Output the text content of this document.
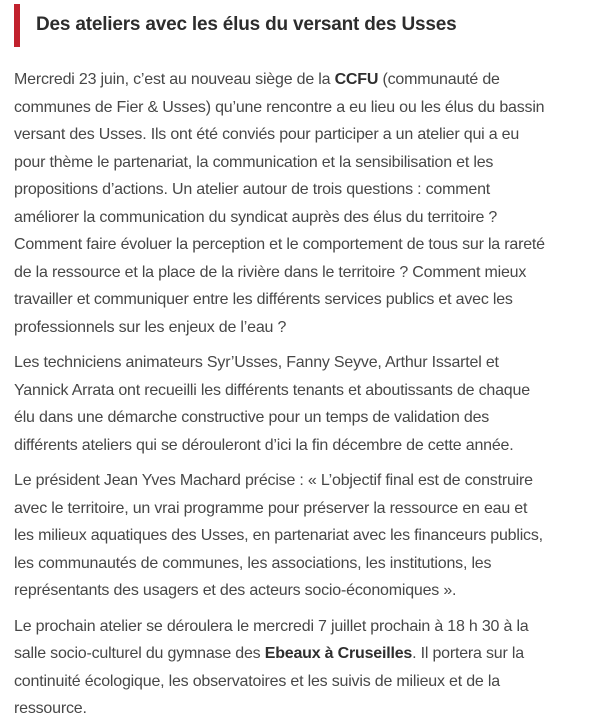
Des ateliers avec les élus du versant des Usses

Mercredi 23 juin, c’est au nouveau siège de la CCFU (communauté de
communes de Fier & Usses) qu’une rencontre a eu lieu ou les élus du bassin
versant des Usses. Ils ont été conviés pour participer a un atelier qui a eu
pour thème le partenariat, la communication et la sensibilisation et les
propositions d’actions. Un atelier autour de trois questions : comment
améliorer la communication du syndicat auprès des élus du territoire ?
Comment faire évoluer la perception et le comportement de tous sur la rareté
de la ressource et la place de la rivière dans le territoire ? Comment mieux
travailler et communiquer entre les différents services publics et avec les
professionnels sur les enjeux de l’eau ?

Les techniciens animateurs Syr’Usses, Fanny Seyve, Arthur Issartel et
Yannick Arrata ont recueilli les différents tenants et aboutissants de chaque
élu dans une démarche constructive pour un temps de validation des
différents ateliers qui se dérouleront d’ici la fin décembre de cette année.

Le président Jean Yves Machard précise : « L’objectif final est de construire
avec le territoire, un vrai programme pour préserver la ressource en eau et
les milieux aquatiques des Usses, en partenariat avec les financeurs publics,
les communautés de communes, les associations, les institutions, les
représentants des usagers et des acteurs socio-économiques ».

Le prochain atelier se déroulera le mercredi 7 juillet prochain à 18 h 30 à la
salle socio-culturel du gymnase des Ebeaux à Cruseilles. Il portera sur la
continuité écologique, les observatoires et les suivis de milieux et de la
ressource.
